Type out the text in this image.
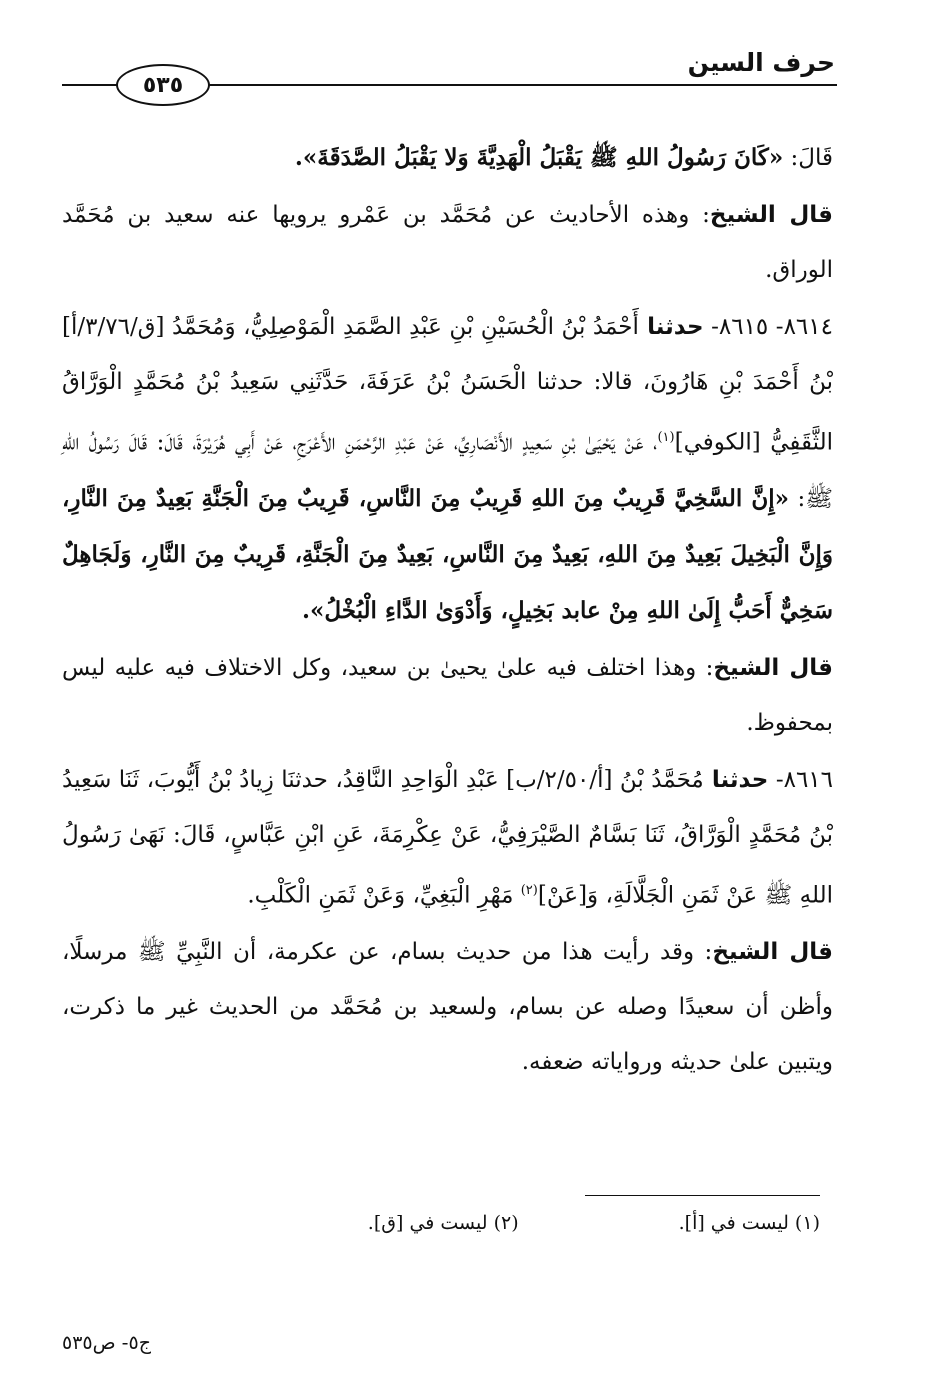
حرف السين
٥٣٥

قَالَ: «كَانَ رَسُولُ اللهِ ﷺ يَقْبَلُ الْهَدِيَّةَ وَلا يَقْبَلُ الصَّدَقَةَ».

قال الشيخ: وهذه الأحاديث عن مُحَمَّد بن عَمْرو يرويها عنه سعيد بن مُحَمَّد الوراق.

٨٦١٤- ٨٦١٥- حدثنا أَحْمَدُ بْنُ الْحُسَيْنِ بْنِ عَبْدِ الصَّمَدِ الْمَوْصِلِيُّ، وَمُحَمَّدُ [ق/٣/٧٦/أ] بْنُ أَحْمَدَ بْنِ هَارُونَ، قالا: حدثنا الْحَسَنُ بْنُ عَرَفَةَ، حَدَّثَنِي سَعِيدُ بْنُ مُحَمَّدٍ الْوَرَّاقُ الثَّقَفِيُّ [الكوفي]$^{(١)}$، عَنْ يَحْيَىٰ بْنِ سَعِيدٍ الأَنْصَارِيِّ، عَنْ عَبْدِ الرَّحْمَنِ الأَعْرَجِ، عَنْ أَبِي هُرَيْرَةَ، قَالَ: قَالَ رَسُولُ اللهِ ﷺ: «إِنَّ السَّخِيَّ قَرِيبٌ مِنَ اللهِ قَرِيبٌ مِنَ النَّاسِ، قَرِيبٌ مِنَ الْجَنَّةِ بَعِيدٌ مِنَ النَّارِ، وَإِنَّ الْبَخِيلَ بَعِيدٌ مِنَ اللهِ، بَعِيدٌ مِنَ النَّاسِ، بَعِيدٌ مِنَ الْجَنَّةِ، قَرِيبٌ مِنَ النَّارِ، وَلَجَاهِلٌ سَخِيٌّ أَحَبُّ إِلَىٰ اللهِ مِنْ عابد بَخِيلٍ، وَأَدْوَىٰ الدَّاءِ الْبُخْلُ».

قال الشيخ: وهذا اختلف فيه علىٰ يحيىٰ بن سعيد، وكل الاختلاف فيه عليه ليس بمحفوظ.

٨٦١٦- حدثنا مُحَمَّدُ بْنُ [أ/٢/٥٠/ب] عَبْدِ الْوَاحِدِ النَّاقِدُ، حدثنَا زِيادُ بْنُ أَيُّوبَ، ثَنَا سَعِيدُ بْنُ مُحَمَّدٍ الْوَرَّاقُ، ثَنَا بَسَّامٌ الصَّيْرَفِيُّ، عَنْ عِكْرِمَةَ، عَنِ ابْنِ عَبَّاسٍ، قَالَ: نَهَىٰ رَسُولُ اللهِ ﷺ عَنْ ثَمَنِ الْجَلَّالَةِ، وَ[عَنْ]$^{(٢)}$ مَهْرِ الْبَغِيِّ، وَعَنْ ثَمَنِ الْكَلْبِ.

قال الشيخ: وقد رأيت هذا من حديث بسام، عن عكرمة، أن النَّبِيِّ ﷺ مرسلًا، وأظن أن سعيدًا وصله عن بسام، ولسعيد بن مُحَمَّد من الحديث غير ما ذكرت، ويتبين علىٰ حديثه ورواياته ضعفه.

(١) ليست في [أ].
(٢) ليست في [ق].
ج٥- ص٥٣٥
